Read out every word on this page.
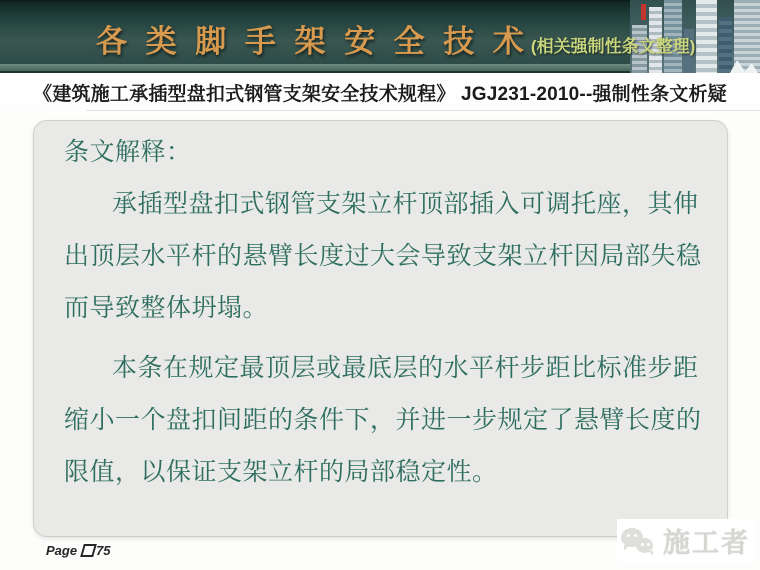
各 类 脚 手 架 安 全 技 术 (相关强制性条文整理)
《建筑施工承插型盘扣式钢管支架安全技术规程》 JGJ231-2010--强制性条文析疑
条文解释：
承插型盘扣式钢管支架立杆顶部插入可调托座，其伸
出顶层水平杆的悬臂长度过大会导致支架立杆因局部失稳
而导致整体坍塌。
本条在规定最顶层或最底层的水平杆步距比标准步距
缩小一个盘扣间距的条件下，并进一步规定了悬臂长度的
限值，以保证支架立杆的局部稳定性。
Page 75	施工者
